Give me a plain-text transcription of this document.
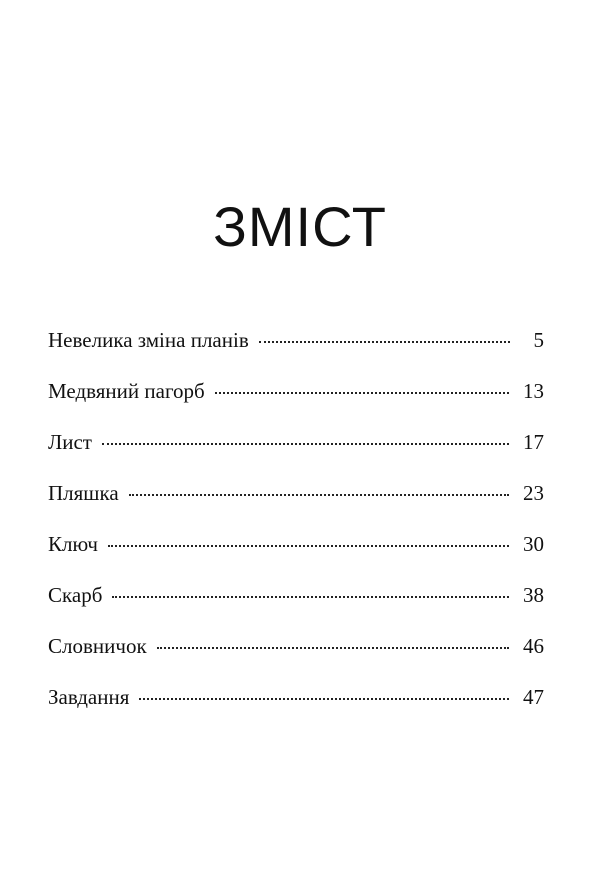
ЗМІСТ
Невелика зміна планів	5
Медвяний пагорб	13
Лист	17
Пляшка	23
Ключ	30
Скарб	38
Словничок	46
Завдання	47
